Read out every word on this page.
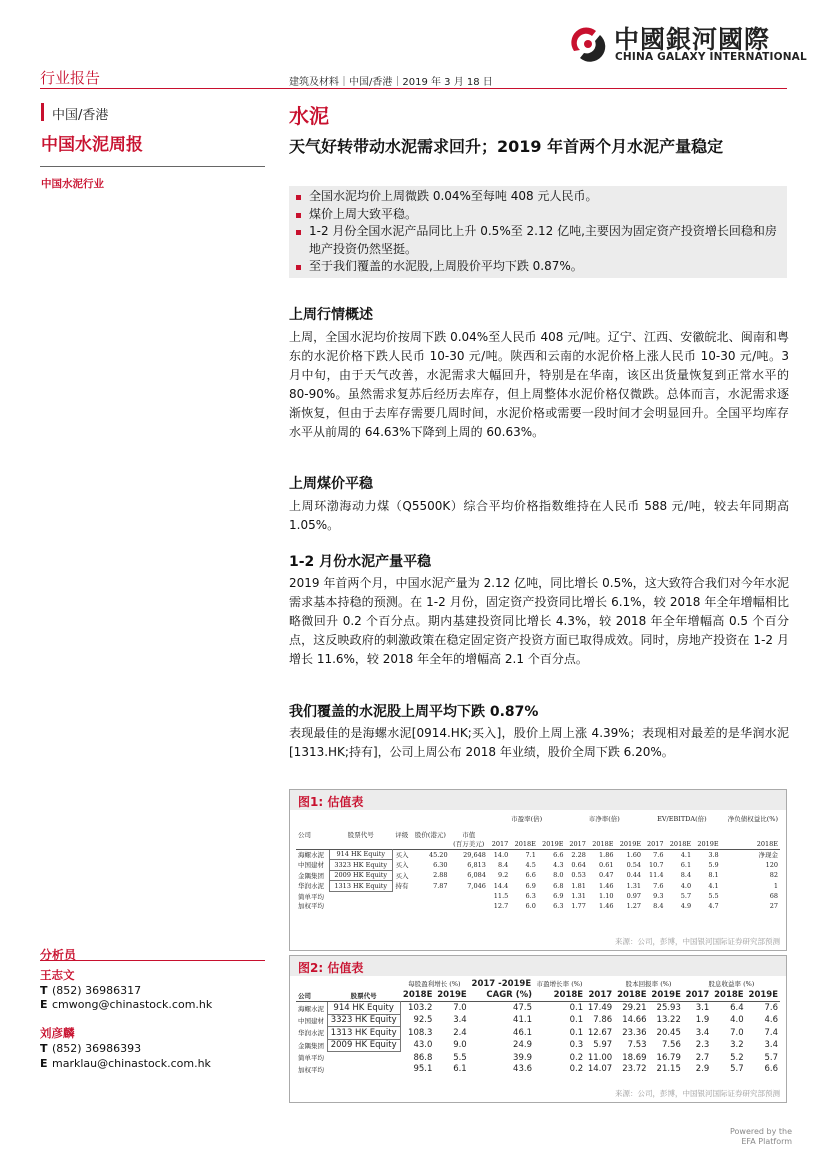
中國銀河國際
CHINA GALAXY INTERNATIONAL
行业报告	建筑及材料｜中国/香港｜2019 年 3 月 18 日
中国/香港
中国水泥周报
中国水泥行业
水泥
天气好转带动水泥需求回升；2019 年首两个月水泥产量稳定
全国水泥均价上周微跌 0.04%至每吨 408 元人民币。
煤价上周大致平稳。
1-2 月份全国水泥产品同比上升 0.5%至 2.12 亿吨,主要因为固定资产投资增长回稳和房地产投资仍然坚挺。
至于我们覆盖的水泥股,上周股价平均下跌 0.87%。
上周行情概述
上周，全国水泥均价按周下跌 0.04%至人民币 408 元/吨。辽宁、江西、安徽皖北、闽南和粤东的水泥价格下跌人民币 10-30 元/吨。陕西和云南的水泥价格上涨人民币 10-30 元/吨。3 月中旬，由于天气改善，水泥需求大幅回升，特别是在华南，该区出货量恢复到正常水平的 80-90%。虽然需求复苏后经历去库存，但上周整体水泥价格仅微跌。总体而言，水泥需求逐渐恢复，但由于去库存需要几周时间，水泥价格或需要一段时间才会明显回升。全国平均库存水平从前周的 64.63%下降到上周的 60.63%。
上周煤价平稳
上周环渤海动力煤（Q5500K）综合平均价格指数维持在人民币 588 元/吨，较去年同期高 1.05%。
1-2 月份水泥产量平稳
2019 年首两个月，中国水泥产量为 2.12 亿吨，同比增长 0.5%，这大致符合我们对今年水泥需求基本持稳的预测。在 1-2 月份，固定资产投资同比增长 6.1%，较 2018 年全年增幅相比略微回升 0.2 个百分点。期内基建投资同比增长 4.3%，较 2018 年全年增幅高 0.5 个百分点，这反映政府的刺激政策在稳定固定资产投资方面已取得成效。同时，房地产投资在 1-2 月增长 11.6%，较 2018 年全年的增幅高 2.1 个百分点。
我们覆盖的水泥股上周平均下跌 0.87%
表现最佳的是海螺水泥[0914.HK;买入]，股价上周上涨 4.39%；表现相对最差的是华润水泥[1313.HK;持有]，公司上周公布 2018 年业绩，股价全周下跌 6.20%。
图1: 估值表
					市盈率(倍)			市净率(倍)			EV/EBITDA(倍)			净负债权益比(%)

公司	股票代号	评级	股价(港元)	市值										
				(百万美元)	2017	2018E	2019E	2017	2018E	2019E	2017	2018E	2019E	2018E
海螺水泥	914 HK Equity	买入	45.20	29,648	14.0	7.1	6.6	2.28	1.86	1.60	7.6	4.1	3.8	净现金
中国建材	3323 HK Equity	买入	6.30	6,813	8.4	4.5	4.3	0.64	0.61	0.54	10.7	6.1	5.9	120
金隅集团	2009 HK Equity	买入	2.88	6,084	9.2	6.6	8.0	0.53	0.47	0.44	11.4	8.4	8.1	82
华润水泥	1313 HK Equity	持有	7.87	7,046	14.4	6.9	6.8	1.81	1.46	1.31	7.6	4.0	4.1	1
简单平均					11.5	6.3	6.9	1.31	1.10	0.97	9.3	5.7	5.5	68
加权平均					12.7	6.0	6.3	1.77	1.46	1.27	8.4	4.9	4.7	27
来源：公司，彭博，中国银河国际证券研究部预测
图2: 估值表
		每股盈利增长 (%)		2017 -2019E	市盈增长率 (%)		股本回报率 (%)		股息收益率 (%)		
公司	股票代号	2018E	2019E	CAGR (%)	2018E	2017	2018E	2019E	2017	2018E	2019E
海螺水泥	914 HK Equity	103.2	7.0	47.5	0.1	17.49	29.21	25.93	3.1	6.4	7.6
中国建材	3323 HK Equity	92.5	3.4	41.1	0.1	7.86	14.66	13.22	1.9	4.0	4.6
华润水泥	1313 HK Equity	108.3	2.4	46.1	0.1	12.67	23.36	20.45	3.4	7.0	7.4
金隅集团	2009 HK Equity	43.0	9.0	24.9	0.3	5.97	7.53	7.56	2.3	3.2	3.4
简单平均		86.8	5.5	39.9	0.2	11.00	18.69	16.79	2.7	5.2	5.7
加权平均		95.1	6.1	43.6	0.2	14.07	23.72	21.15	2.9	5.7	6.6
来源：公司，彭博，中国银河国际证券研究部预测
分析员
王志文
T (852) 36986317
E cmwong@chinastock.com.hk
刘彦麟
T (852) 36986393
E marklau@chinastock.com.hk
Powered by the
EFA Platform
